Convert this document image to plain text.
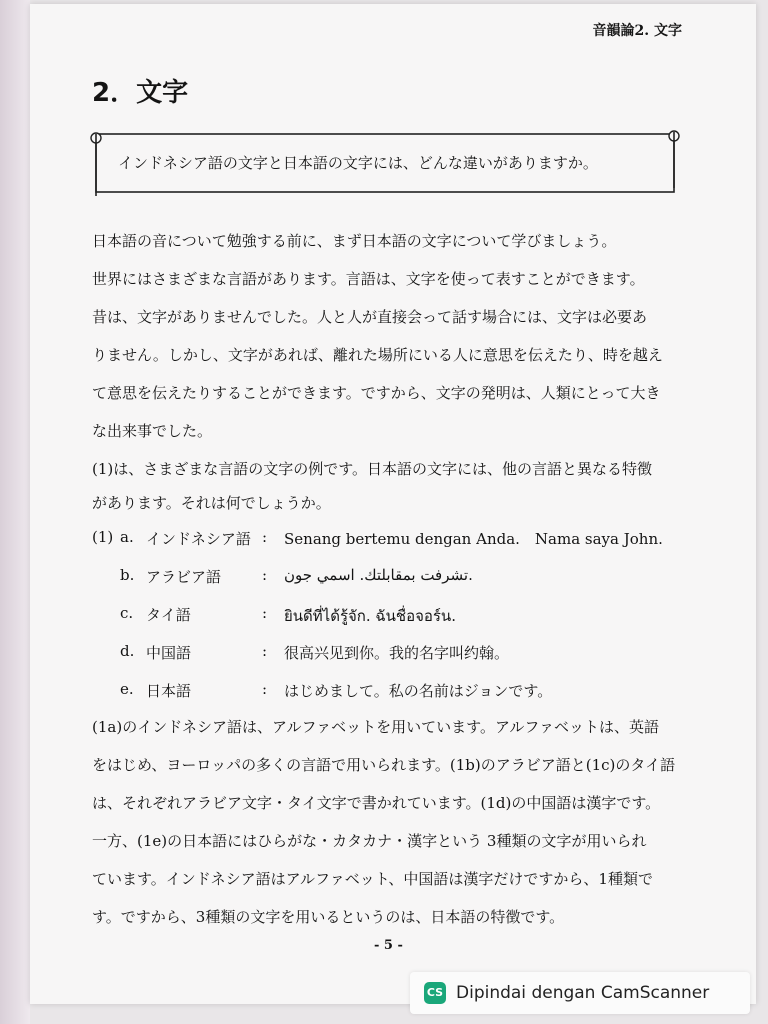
音韻論2. 文字
2．文字
インドネシア語の文字と日本語の文字には、どんな違いがありますか。
日本語の音について勉強する前に、まず日本語の文字について学びましょう。
世界にはさまざまな言語があります。言語は、文字を使って表すことができます。
昔は、文字がありませんでした。人と人が直接会って話す場合には、文字は必要あ
りません。しかし、文字があれば、離れた場所にいる人に意思を伝えたり、時を越え
て意思を伝えたりすることができます。ですから、文字の発明は、人類にとって大き
な出来事でした。
(1)は、さまざまな言語の文字の例です。日本語の文字には、他の言語と異なる特徴
があります。それは何でしょうか。
(1) a. インドネシア語 : Senang bertemu dengan Anda.　Nama saya John.
b. アラビア語	: تشرفت بمقابلتك. اسمي جون.
c. タイ語	: ยินดีที่ได้รู้จัก. ฉันชื่อจอร์น.
d. 中国語	: 很高兴见到你。我的名字叫约翰。
e. 日本語	: はじめまして。私の名前はジョンです。
(1a)のインドネシア語は、アルファベットを用いています。アルファベットは、英語
をはじめ、ヨーロッパの多くの言語で用いられます。(1b)のアラビア語と(1c)のタイ語
は、それぞれアラビア文字・タイ文字で書かれています。(1d)の中国語は漢字です。
一方、(1e)の日本語にはひらがな・カタカナ・漢字という 3種類の文字が用いられ
ています。インドネシア語はアルファベット、中国語は漢字だけですから、1種類で
す。ですから、3種類の文字を用いるというのは、日本語の特徴です。
- 5 -
CS Dipindai dengan CamScanner
